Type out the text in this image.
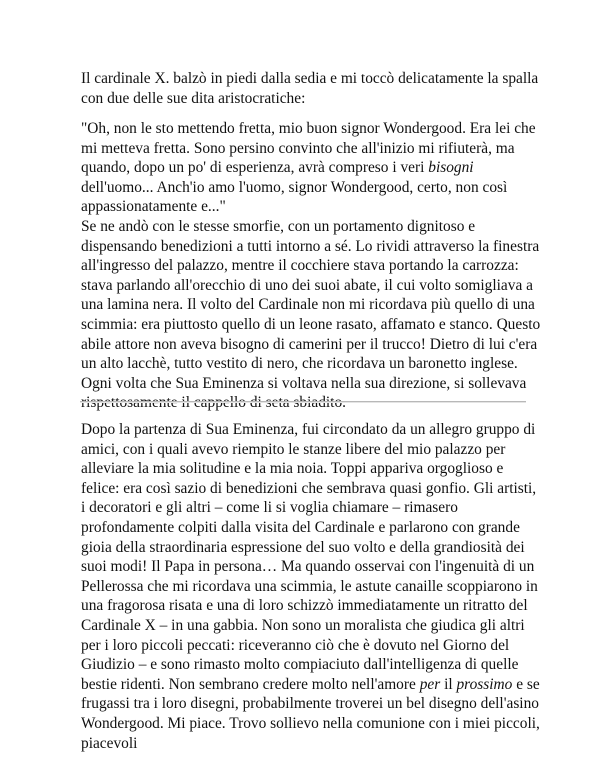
Il cardinale X. balzò in piedi dalla sedia e mi toccò delicatamente la spalla con due delle sue dita aristocratiche:

"Oh, non le sto mettendo fretta, mio buon signor Wondergood. Era lei che mi metteva fretta. Sono persino convinto che all'inizio mi rifiuterà, ma quando, dopo un po' di esperienza, avrà compreso i veri bisogni dell'uomo... Anch'io amo l'uomo, signor Wondergood, certo, non così appassionatamente e..."

Se ne andò con le stesse smorfie, con un portamento dignitoso e dispensando benedizioni a tutti intorno a sé. Lo rividi attraverso la finestra all'ingresso del palazzo, mentre il cocchiere stava portando la carrozza: stava parlando all'orecchio di uno dei suoi abate, il cui volto somigliava a una lamina nera. Il volto del Cardinale non mi ricordava più quello di una scimmia: era piuttosto quello di un leone rasato, affamato e stanco. Questo abile attore non aveva bisogno di camerini per il trucco! Dietro di lui c'era un alto lacchè, tutto vestito di nero, che ricordava un baronetto inglese. Ogni volta che Sua Eminenza si voltava nella sua direzione, si sollevava rispettosamente il cappello di seta sbiadito.

Dopo la partenza di Sua Eminenza, fui circondato da un allegro gruppo di amici, con i quali avevo riempito le stanze libere del mio palazzo per alleviare la mia solitudine e la mia noia. Toppi appariva orgoglioso e felice: era così sazio di benedizioni che sembrava quasi gonfio. Gli artisti, i decoratori e gli altri – come li si voglia chiamare – rimasero profondamente colpiti dalla visita del Cardinale e parlarono con grande gioia della straordinaria espressione del suo volto e della grandiosità dei suoi modi! Il Papa in persona… Ma quando osservai con l'ingenuità di un Pellerossa che mi ricordava una scimmia, le astute canaille scoppiarono in una fragorosa risata e una di loro schizzò immediatamente un ritratto del Cardinale X – in una gabbia. Non sono un moralista che giudica gli altri per i loro piccoli peccati: riceveranno ciò che è dovuto nel Giorno del Giudizio – e sono rimasto molto compiaciuto dall'intelligenza di quelle bestie ridenti. Non sembrano credere molto nell'amore per il prossimo e se frugassi tra i loro disegni, probabilmente troverei un bel disegno dell'asino Wondergood. Mi piace. Trovo sollievo nella comunione con i miei piccoli, piacevoli
